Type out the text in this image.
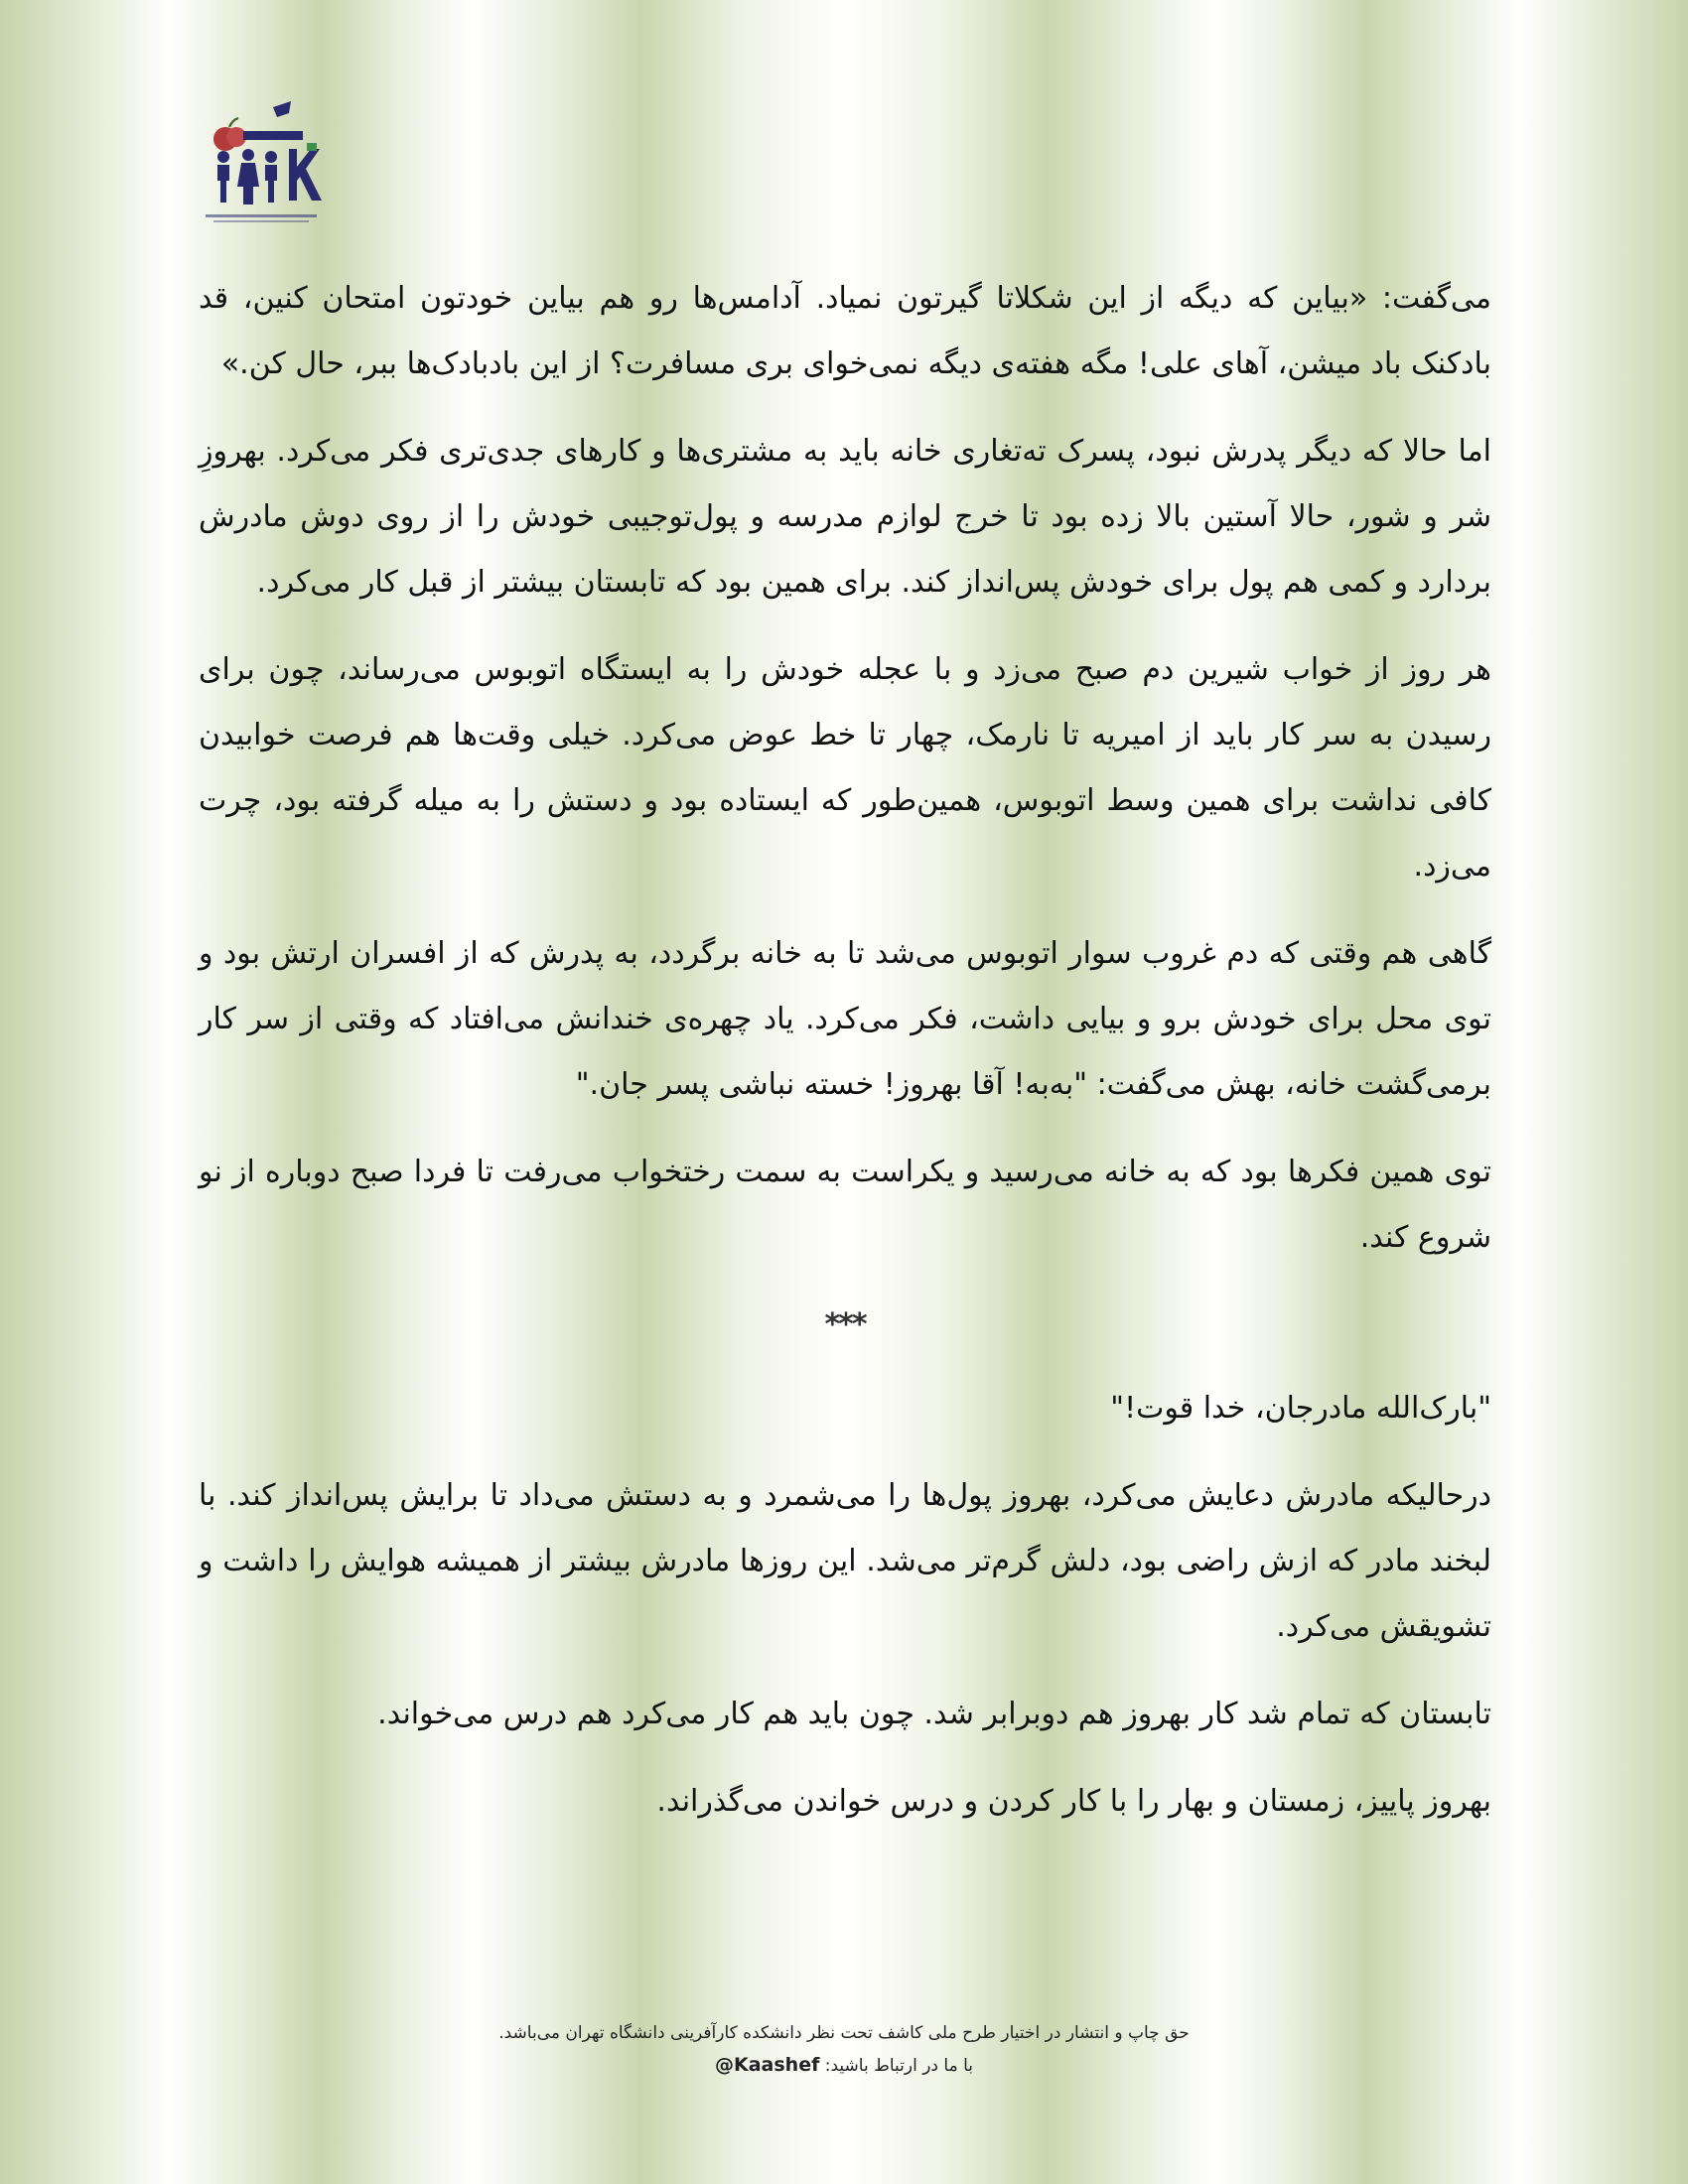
می‌گفت: «بیاین که دیگه از این شکلاتا گیرتون نمیاد. آدامس‌ها رو هم بیاین خودتون امتحان کنین، قد بادکنک باد میشن، آهای علی! مگه هفته‌ی دیگه نمی‌خوای بری مسافرت؟ از این بادبادک‌ها ببر، حال کن.»

اما حالا که دیگر پدرش نبود، پسرک ته‌تغاری خانه باید به مشتری‌ها و کارهای جدی‌تری فکر می‌کرد. بهروزِ شر و شور، حالا آستین بالا زده بود تا خرج لوازم مدرسه و پول‌توجیبی خودش را از روی دوش مادرش بردارد و کمی هم پول برای خودش پس‌انداز کند. برای همین بود که تابستان بیشتر از قبل کار می‌کرد.

هر روز از خواب شیرین دم صبح می‌زد و با عجله خودش را به ایستگاه اتوبوس می‌رساند، چون برای رسیدن به سر کار باید از امیریه تا نارمک، چهار تا خط عوض می‌کرد. خیلی وقت‌ها هم فرصت خوابیدن کافی نداشت برای همین وسط اتوبوس، همین‌طور که ایستاده بود و دستش را به میله گرفته بود، چرت می‌زد.

گاهی هم وقتی که دم غروب سوار اتوبوس می‌شد تا به خانه برگردد، به پدرش که از افسران ارتش بود و توی محل برای خودش برو و بیایی داشت، فکر می‌کرد. یاد چهره‌ی خندانش می‌افتاد که وقتی از سر کار برمی‌گشت خانه، بهش می‌گفت: "به‌به! آقا بهروز! خسته نباشی پسر جان."

توی همین فکرها بود که به خانه می‌رسید و یکراست به سمت رختخواب می‌رفت تا فردا صبح دوباره از نو شروع کند.

***

"بارک‌الله مادرجان، خدا قوت!"

درحالیکه مادرش دعایش می‌کرد، بهروز پول‌ها را می‌شمرد و به دستش می‌داد تا برایش پس‌انداز کند. با لبخند مادر که ازش راضی بود، دلش گرم‌تر می‌شد. این روزها مادرش بیشتر از همیشه هوایش را داشت و تشویقش می‌کرد.

تابستان که تمام شد کار بهروز هم دوبرابر شد. چون باید هم کار می‌کرد هم درس می‌خواند.

بهروز پاییز، زمستان و بهار را با کار کردن و درس خواندن می‌گذراند.

حق چاپ و انتشار در اختیار طرح ملی کاشف تحت نظر دانشکده کارآفرینی دانشگاه تهران می‌باشد.
با ما در ارتباط باشید: @Kaashef
